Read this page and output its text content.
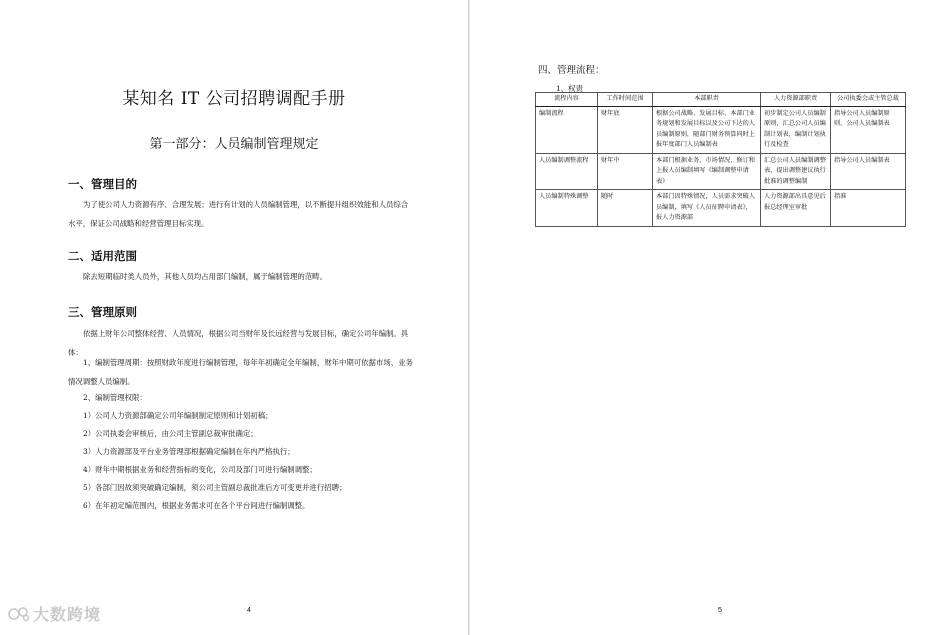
某知名 IT 公司招聘调配手册
第一部分：人员编制管理规定
一、管理目的
为了使公司人力资源有序、合理发展；进行有计划的人员编制管理，以不断提升组织效能和人员综合水平，保证公司战略和经营管理目标实现。
二、适用范围
除去短期临时类人员外，其他人员均占用部门编制，属于编制管理的范畴。
三、管理原则
依据上财年公司整体经营、人员情况，根据公司当财年及长远经营与发展目标，确定公司年编制。具体：
1、编制管理周期：按照财政年度进行编制管理，每年年初确定全年编制，财年中期可依据市场、业务情况调整人员编制。
2、编制管理权限：
1）公司人力资源部确定公司年编制制定原则和计划初稿；
2）公司执委会审核后，由公司主管副总裁审批确定；
3）人力资源部及平台业务管理部根据确定编制在年内严格执行；
4）财年中期根据业务和经营指标的变化，公司及部门可进行编制调整；
5）各部门因故须突破确定编制，须公司主管副总裁批准后方可变更并进行招聘；
6）在年初定编范围内，根据业务需求可在各个平台间进行编制调整。
4
大数跨境
四、管理流程：
1、权责
流程内容	工作时间范围	本部职责	人力资源部职责	公司执委会或主管总裁
编制流程	财年底	根据公司战略、发展目标、本部门业务规划和发展目标以及公司下达的人员编制原则，随部门财务预算同时上报年度部门人员编制表	初步制定公司人员编制原则，汇总公司人员编制计划表，编制计划执行及检查	指导公司人员编制原则、公司人员编制表
人员编制调整流程	财年中	本部门根据业务、市场情况，修订和上报人员编制填写《编制调整申请表》	汇总公司人员编制调整表，提出调整建议执行批准的调整编制	指导公司人员编制表
人员编制特殊调整	随时	本部门因特殊情况，人员需求突破人员编制，填写《人员征聘申请表》，报人力资源部	人力资源部出具意见后报总经理室审批	指准
5
